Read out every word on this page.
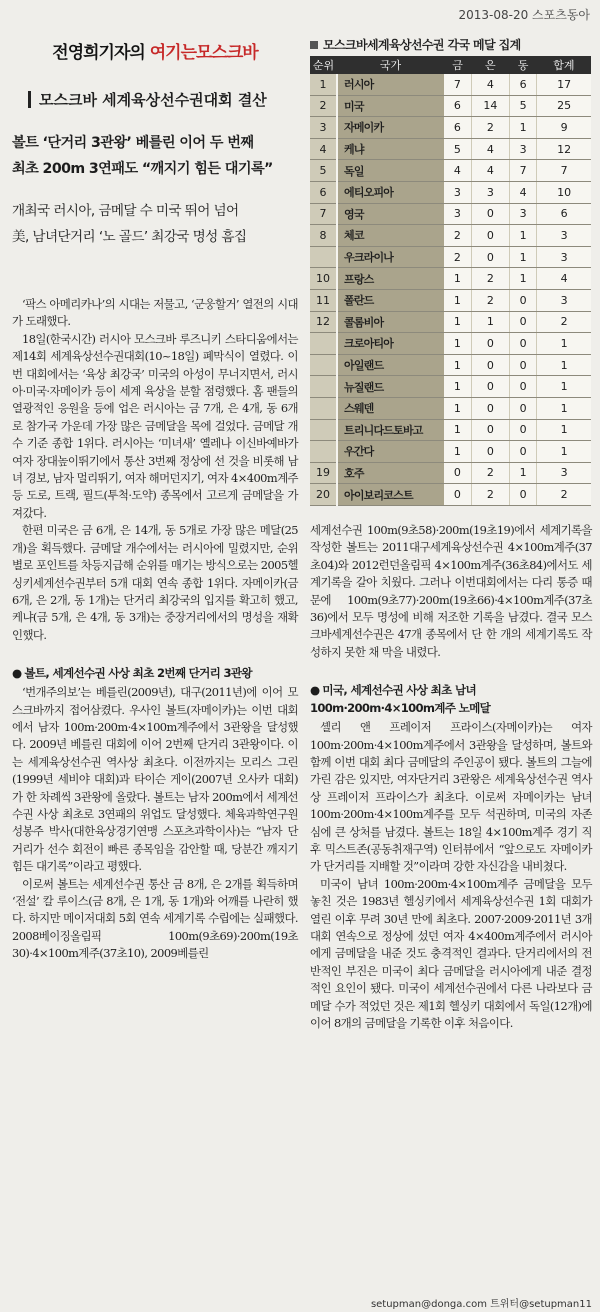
2013-08-20 스포츠동아
전영희기자의 여기는모스크바
모스크바 세계육상선수권대회 결산
볼트 ‘단거리 3관왕’ 베를린 이어 두 번째
최초 200m 3연패도 “깨지기 힘든 대기록”
개최국 러시아, 금메달 수 미국 뛰어 넘어
美, 남녀단거리 ‘노 골드’ 최강국 명성 흠집

‘팍스 아메리카나’의 시대는 저물고, ‘군웅할거’ 열전의 시대가 도래했다.

18일(한국시간) 러시아 모스크바 루즈니키 스타디움에서는 제14회 세계육상선수권대회(10~18일) 폐막식이 열렸다. 이번 대회에서는 ‘육상 최강국’ 미국의 아성이 무너지면서, 러시아·미국·자메이카 등이 세계 육상을 분할 점령했다. 홈 팬들의 열광적인 응원을 등에 업은 러시아는 금 7개, 은 4개, 동 6개로 참가국 가운데 가장 많은 금메달을 목에 걸었다. 금메달 개수 기준 종합 1위다. 러시아는 ‘미녀새’ 옐레나 이신바예바가 여자 장대높이뛰기에서 통산 3번째 정상에 선 것을 비롯해 남녀 경보, 남자 멀리뛰기, 여자 해머던지기, 여자 4×400m계주 등 도로, 트랙, 필드(투척·도약) 종목에서 고르게 금메달을 가져갔다.

한편 미국은 금 6개, 은 14개, 동 5개로 가장 많은 메달(25개)을 획득했다. 금메달 개수에서는 러시아에 밀렸지만, 순위별로 포인트를 차등지급해 순위를 매기는 방식으로는 2005헬싱키세계선수권부터 5개 대회 연속 종합 1위다. 자메이카(금 6개, 은 2개, 동 1개)는 단거리 최강국의 입지를 확고히 했고, 케냐(금 5개, 은 4개, 동 3개)는 중장거리에서의 명성을 재확인했다.

● 볼트, 세계선수권 사상 최초 2번째 단거리 3관왕

‘번개주의보’는 베를린(2009년), 대구(2011년)에 이어 모스크바까지 접어삼켰다. 우사인 볼트(자메이카)는 이번 대회에서 남자 100m·200m·4×100m계주에서 3관왕을 달성했다. 2009년 베를린 대회에 이어 2번째 단거리 3관왕이다. 이는 세계육상선수권 역사상 최초다. 이전까지는 모리스 그린(1999년 세비야 대회)과 타이슨 게이(2007년 오사카 대회)가 한 차례씩 3관왕에 올랐다. 볼트는 남자 200m에서 세계선수권 사상 최초로 3연패의 위업도 달성했다. 체육과학연구원 성봉주 박사(대한육상경기연맹 스포츠과학이사)는 “남자 단거리가 선수 회전이 빠른 종목임을 감안할 때, 당분간 깨지기 힘든 대기록”이라고 평했다.

이로써 볼트는 세계선수권 통산 금 8개, 은 2개를 획득하며 ‘전설’ 칼 루이스(금 8개, 은 1개, 동 1개)와 어깨를 나란히 했다. 하지만 메이저대회 5회 연속 세계기록 수립에는 실패했다. 2008베이징올림픽 100m(9초69)·200m(19초30)·4×100m계주(37초10), 2009베를린

모스크바세계육상선수권 각국 메달 집계
순위	국가	금	은	동	합계
1	러시아	7	4	6	17
2	미국	6	14	5	25
3	자메이카	6	2	1	9
4	케냐	5	4	3	12
5	독일	4	4	7	7
6	에티오피아	3	3	4	10
7	영국	3	0	3	6
8	체코	2	0	1	3
	우크라이나	2	0	1	3
10	프랑스	1	2	1	4
11	폴란드	1	2	0	3
12	콜롬비아	1	1	0	2
	크로아티아	1	0	0	1
	아일랜드	1	0	0	1
	뉴질랜드	1	0	0	1
	스웨덴	1	0	0	1
	트리니다드토바고	1	0	0	1
	우간다	1	0	0	1
19	호주	0	2	1	3
20	아이보리코스트	0	2	0	2

세계선수권 100m(9초58)·200m(19초19)에서 세계기록을 작성한 볼트는 2011대구세계육상선수권 4×100m계주(37초04)와 2012런던올림픽 4×100m계주(36초84)에서도 세계기록을 갈아 치웠다. 그러나 이번대회에서는 다리 통증 때문에 100m(9초77)·200m(19초66)·4×100m계주(37초36)에서 모두 명성에 비해 저조한 기록을 남겼다. 결국 모스크바세계선수권은 47개 종목에서 단 한 개의 세계기록도 작성하지 못한 채 막을 내렸다.

● 미국, 세계선수권 사상 최초 남녀 100m·200m·4×100m계주 노메달

셸리 앤 프레이저 프라이스(자메이카)는 여자 100m·200m·4×100m계주에서 3관왕을 달성하며, 볼트와 함께 이번 대회 최다 금메달의 주인공이 됐다. 볼트의 그늘에 가린 감은 있지만, 여자단거리 3관왕은 세계육상선수권 역사상 프레이저 프라이스가 최초다. 이로써 자메이카는 남녀 100m·200m·4×100m계주를 모두 석권하며, 미국의 자존심에 큰 상처를 남겼다. 볼트는 18일 4×100m계주 경기 직후 믹스트존(공동취재구역) 인터뷰에서 “앞으로도 자메이카가 단거리를 지배할 것”이라며 강한 자신감을 내비쳤다.

미국이 남녀 100m·200m·4×100m계주 금메달을 모두 놓친 것은 1983년 헬싱키에서 세계육상선수권 1회 대회가 열린 이후 무려 30년 만에 최초다. 2007·2009·2011년 3개 대회 연속으로 정상에 섰던 여자 4×400m계주에서 러시아에게 금메달을 내준 것도 충격적인 결과다. 단거리에서의 전반적인 부진은 미국이 최다 금메달을 러시아에게 내준 결정적인 요인이 됐다. 미국이 세계선수권에서 다른 나라보다 금메달 수가 적었던 것은 제1회 헬싱키 대회에서 독일(12개)에 이어 8개의 금메달을 기록한 이후 처음이다.

setupman@donga.com 트위터@setupman11
